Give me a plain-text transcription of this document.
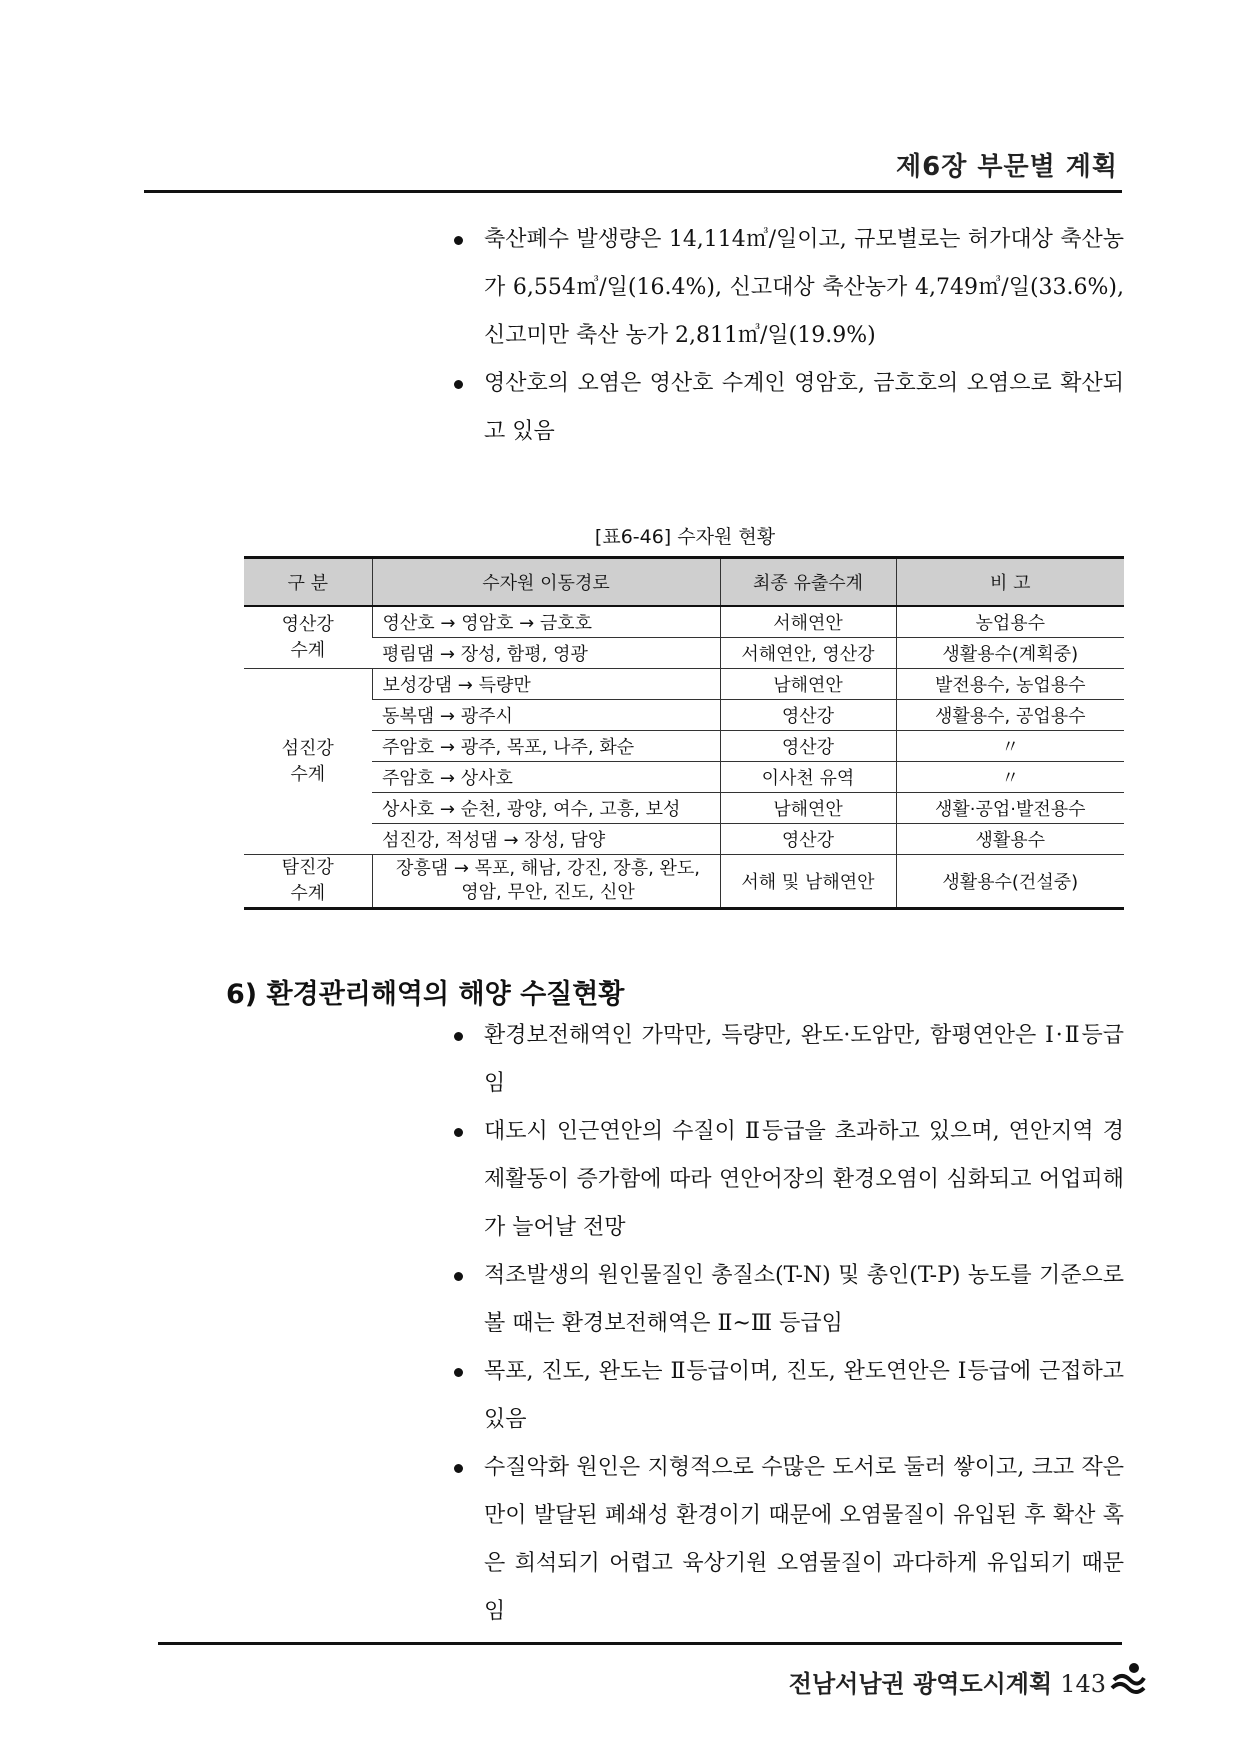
제6장 부문별 계획
축산폐수 발생량은 14,114㎥/일이고, 규모별로는 허가대상 축산농가 6,554㎥/일(16.4%), 신고대상 축산농가 4,749㎥/일(33.6%), 신고미만 축산 농가 2,811㎥/일(19.9%)
영산호의 오염은 영산호 수계인 영암호, 금호호의 오염으로 확산되고 있음
[표6-46] 수자원 현황
구 분	수자원 이동경로	최종 유출수계	비 고
영산강
수계	영산호 → 영암호 → 금호호	서해연안	농업용수
	평림댐 → 장성, 함평, 영광	서해연안, 영산강	생활용수(계획중)
섬진강
수계	보성강댐 → 득량만	남해연안	발전용수, 농업용수
	동복댐 → 광주시	영산강	생활용수, 공업용수
	주암호 → 광주, 목포, 나주, 화순	영산강	〃
	주암호 → 상사호	이사천 유역	〃
	상사호 → 순천, 광양, 여수, 고흥, 보성	남해연안	생활·공업·발전용수
	섬진강, 적성댐 → 장성, 담양	영산강	생활용수
탐진강
수계	장흥댐 → 목포, 해남, 강진, 장흥, 완도,
영암, 무안, 진도, 신안	서해 및 남해연안	생활용수(건설중)
6) 환경관리해역의 해양 수질현황
환경보전해역인 가막만, 득량만, 완도·도암만, 함평연안은 Ⅰ·Ⅱ등급임
대도시 인근연안의 수질이 Ⅱ등급을 초과하고 있으며, 연안지역 경제활동이 증가함에 따라 연안어장의 환경오염이 심화되고 어업피해가 늘어날 전망
적조발생의 원인물질인 총질소(T-N) 및 총인(T-P) 농도를 기준으로 볼 때는 환경보전해역은 Ⅱ~Ⅲ 등급임
목포, 진도, 완도는 Ⅱ등급이며, 진도, 완도연안은 Ⅰ등급에 근접하고 있음
수질악화 원인은 지형적으로 수많은 도서로 둘러 쌓이고, 크고 작은 만이 발달된 폐쇄성 환경이기 때문에 오염물질이 유입된 후 확산 혹은 희석되기 어렵고 육상기원 오염물질이 과다하게 유입되기 때문임
전남서남권 광역도시계획 143
